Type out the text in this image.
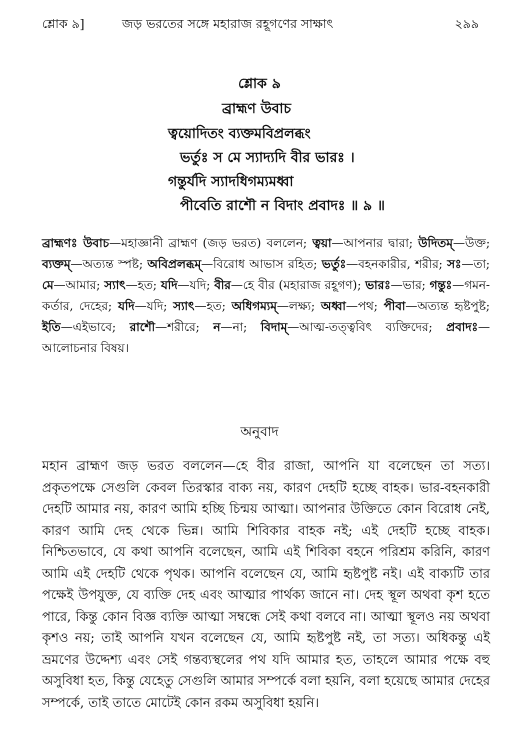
শ্লোক ৯]	জড় ভরতের সঙ্গে মহারাজ রহূগণের সাক্ষাৎ	২৯৯
শ্লোক ৯
ব্রাহ্মণ উবাচ
ত্বয়োদিতং ব্যক্তমবিপ্রলব্ধং
ভর্তুঃ স মে স্যাদ্যদি বীর ভারঃ ।
গন্তুর্যদি স্যাদধিগম্যমধ্বা
পীবেতি রাশৌ ন বিদাং প্রবাদঃ ॥ ৯ ॥
ব্রাহ্মণঃ উবাচ—মহাজ্ঞানী ব্রাহ্মণ (জড় ভরত) বললেন; ত্বয়া—আপনার দ্বারা; উদিতম্—উক্ত; ব্যক্তম্—অত্যন্ত স্পষ্ট; অবিপ্রলব্ধম্—বিরোধ আভাস রহিত; ভর্তুঃ—বহনকারীর, শরীর; সঃ—তা; মে—আমার; স্যাৎ—হত; যদি—যদি; বীর—হে বীর (মহারাজ রহূগণ); ভারঃ—ভার; গন্তুঃ—গমন-কর্তার, দেহের; যদি—যদি; স্যাৎ—হত; অধিগম্যম্—লক্ষ্য; অধ্বা—পথ; পীবা—অত্যন্ত হৃষ্টপুষ্ট; ইতি—এইভাবে; রাশৌ—শরীরে; ন—না; বিদাম্—আত্ম-তত্ত্ববিৎ ব্যক্তিদের; প্রবাদঃ—আলোচনার বিষয়।
অনুবাদ
মহান ব্রাহ্মণ জড় ভরত বললেন—হে বীর রাজা, আপনি যা বলেছেন তা সত্য। প্রকৃতপক্ষে সেগুলি কেবল তিরস্কার বাক্য নয়, কারণ দেহটি হচ্ছে বাহক। ভার-বহনকারী দেহটি আমার নয়, কারণ আমি হচ্ছি চিন্ময় আত্মা। আপনার উক্তিতে কোন বিরোধ নেই, কারণ আমি দেহ থেকে ভিন্ন। আমি শিবিকার বাহক নই; এই দেহটি হচ্ছে বাহক। নিশ্চিতভাবে, যে কথা আপনি বলেছেন, আমি এই শিবিকা বহনে পরিশ্রম করিনি, কারণ আমি এই দেহটি থেকে পৃথক। আপনি বলেছেন যে, আমি হৃষ্টপুষ্ট নই। এই বাক্যটি তার পক্ষেই উপযুক্ত, যে ব্যক্তি দেহ এবং আত্মার পার্থক্য জানে না। দেহ স্থূল অথবা কৃশ হতে পারে, কিন্তু কোন বিজ্ঞ ব্যক্তি আত্মা সম্বন্ধে সেই কথা বলবে না। আত্মা স্থূলও নয় অথবা কৃশও নয়; তাই আপনি যখন বলেছেন যে, আমি হৃষ্টপুষ্ট নই, তা সত্য। অধিকন্তু এই ভ্রমণের উদ্দেশ্য এবং সেই গন্তব্যস্থলের পথ যদি আমার হত, তাহলে আমার পক্ষে বহু অসুবিধা হত, কিন্তু যেহেতু সেগুলি আমার সম্পর্কে বলা হয়নি, বলা হয়েছে আমার দেহের সম্পর্কে, তাই তাতে মোটেই কোন রকম অসুবিধা হয়নি।
